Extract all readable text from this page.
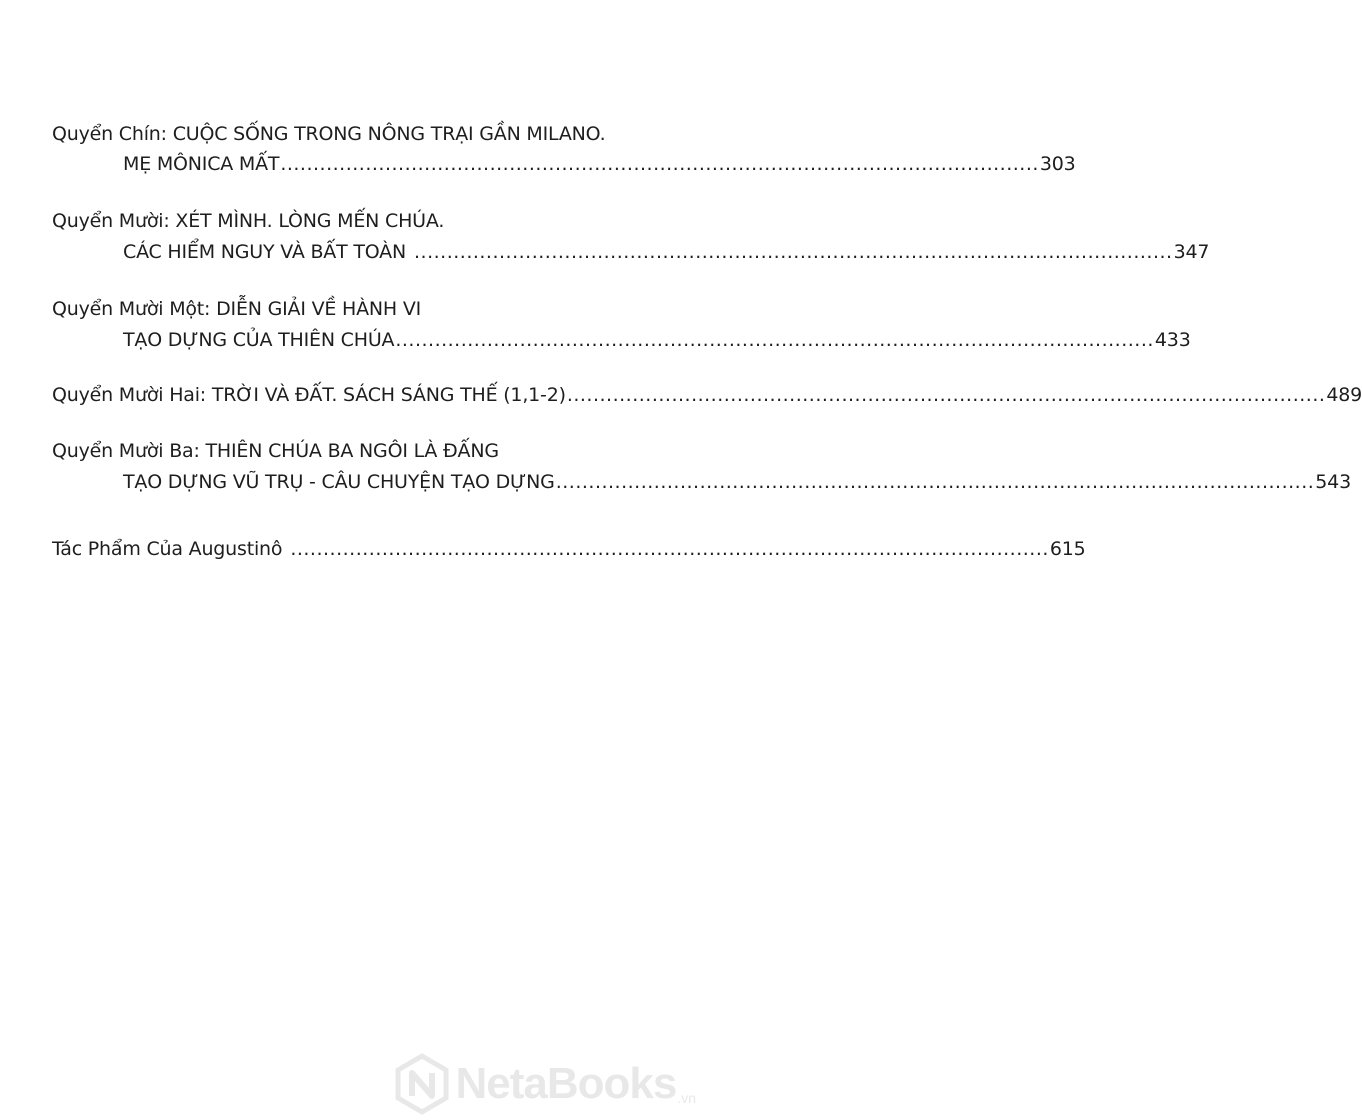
Quyển Chín: CUỘC SỐNG TRONG NÔNG TRẠI GẦN MILANO.
MẸ MÔNICA MẤT .................................................................................................................... 303
Quyển Mười: XÉT MÌNH. LÒNG MẾN CHÚA.
CÁC HIỂM NGUY VÀ BẤT TOÀN .................................................................................................................... 347
Quyển Mười Một: DIỄN GIẢI VỀ HÀNH VI
TẠO DỰNG CỦA THIÊN CHÚA .................................................................................................................... 433
Quyển Mười Hai: TRỜI VÀ ĐẤT. SÁCH SÁNG THẾ (1,1-2) .................................................................................................................... 489
Quyển Mười Ba: THIÊN CHÚA BA NGÔI LÀ ĐẤNG
TẠO DỰNG VŨ TRỤ - CÂU CHUYỆN TẠO DỰNG .................................................................................................................... 543
Tác Phẩm Của Augustinô .................................................................................................................... 615
NetaBooks .vn
